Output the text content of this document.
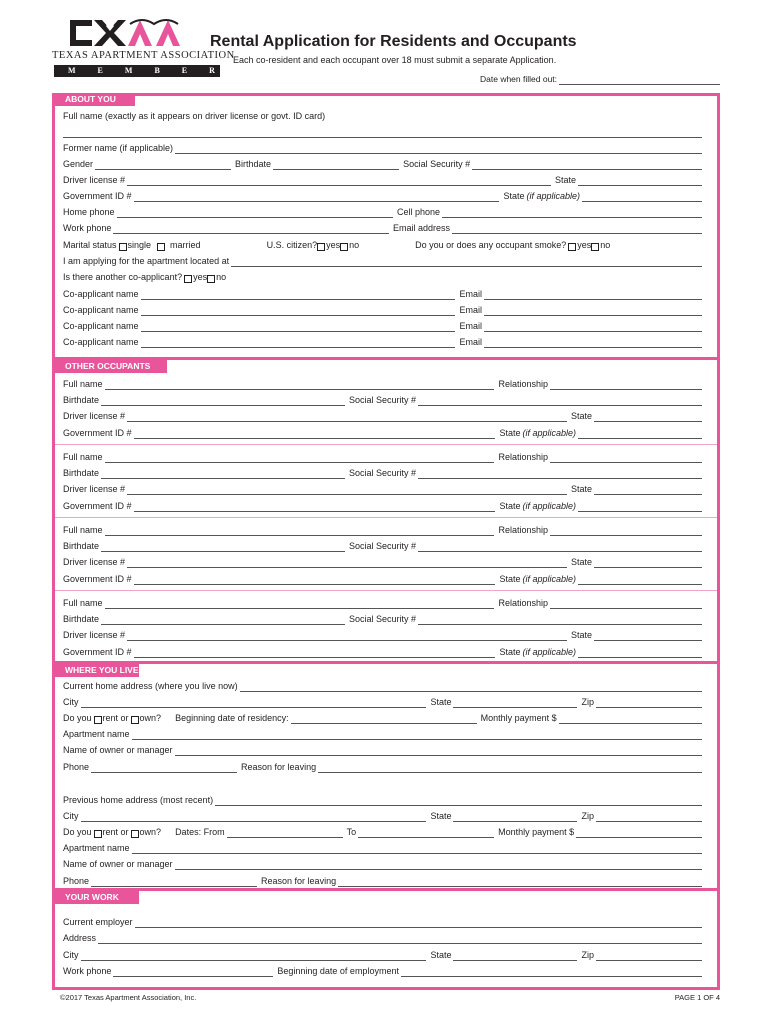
TEXAS APARTMENT ASSOCIATION
MEMBER
Rental Application for Residents and Occupants
Each co-resident and each occupant over 18 must submit a separate Application.
Date when filled out:
ABOUT YOU
OTHER OCCUPANTS
WHERE YOU LIVE
YOUR WORK
Full name (exactly as it appears on driver license or govt. ID card)
Former name (if applicable)
Gender	Birthdate	Social Security #
Driver license #	State
Government ID #	State (if applicable)
Home phone	Cell phone
Work phone	Email address
Marital status single	married	U.S. citizen? yes no	Do you or does any occupant smoke? yes no
I am applying for the apartment located at
Is there another co-applicant? yes no
Co-applicant name	Email
Co-applicant name	Email
Co-applicant name	Email
Co-applicant name	Email
Full name	Relationship
Birthdate	Social Security #
Driver license #	State
Government ID #	State (if applicable)
Full name	Relationship
Birthdate	Social Security #
Driver license #	State
Government ID #	State (if applicable)
Full name	Relationship
Birthdate	Social Security #
Driver license #	State
Government ID #	State (if applicable)
Full name	Relationship
Birthdate	Social Security #
Driver license #	State
Government ID #	State (if applicable)
Current home address (where you live now)
City	State	Zip
Do you rent or own? Beginning date of residency:	Monthly payment $
Apartment name
Name of owner or manager
Phone	Reason for leaving
Previous home address (most recent)
City	State	Zip
Do you rent or own? Dates: From	To	Monthly payment $
Apartment name
Name of owner or manager
Phone	Reason for leaving
Current employer
Address
City	State	Zip
Work phone	Beginning date of employment
©2017 Texas Apartment Association, Inc.	PAGE 1 OF 4
